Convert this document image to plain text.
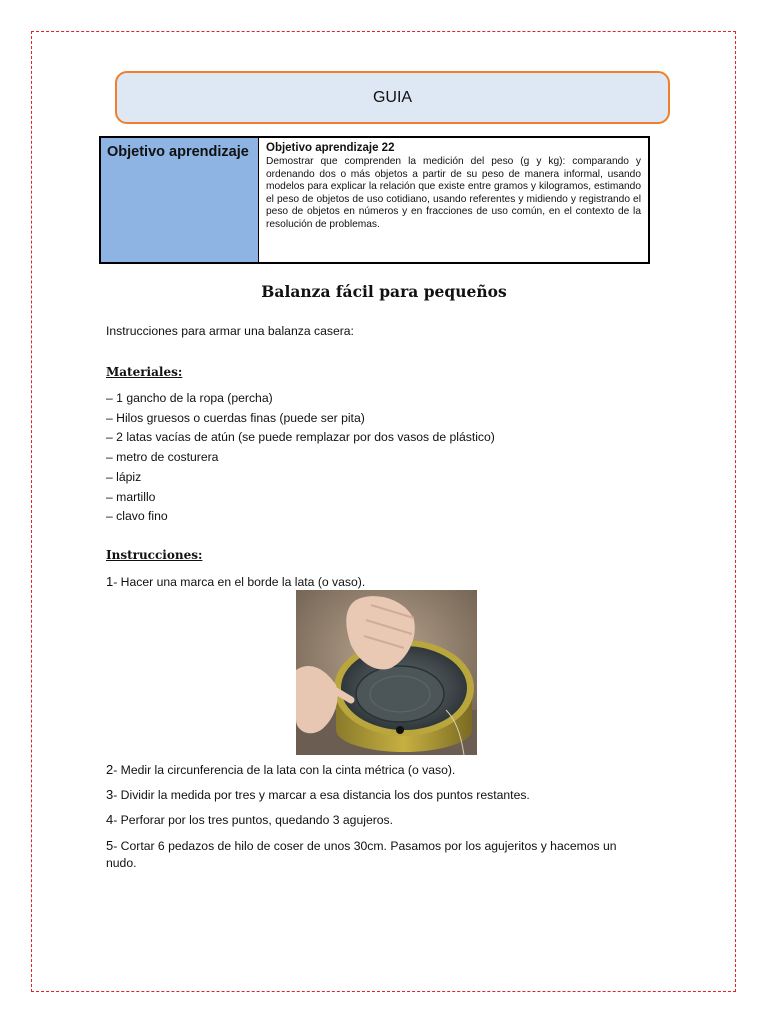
GUIA
Objetivo aprendizaje	Objetivo aprendizaje 22
Demostrar que comprenden la medición del peso (g y kg): comparando y ordenando dos o más objetos a partir de su peso de manera informal, usando modelos para explicar la relación que existe entre gramos y kilogramos, estimando el peso de objetos de uso cotidiano, usando referentes y midiendo y registrando el peso de objetos en números y en fracciones de uso común, en el contexto de la resolución de problemas.
Balanza fácil para pequeños
Instrucciones para armar una balanza casera:
Materiales:
– 1 gancho de la ropa (percha)
– Hilos gruesos o cuerdas finas (puede ser pita)
– 2 latas vacías de atún (se puede remplazar por dos vasos de plástico)
– metro de costurera
– lápiz
– martillo
– clavo fino
Instrucciones:
1- Hacer una marca en el borde la lata (o vaso).
2- Medir la circunferencia de la lata con la cinta métrica (o vaso).
3- Dividir la medida por tres y marcar a esa distancia los dos puntos restantes.
4- Perforar por los tres puntos, quedando 3 agujeros.
5- Cortar 6 pedazos de hilo de coser de unos 30cm. Pasamos por los agujeritos y hacemos un nudo.
